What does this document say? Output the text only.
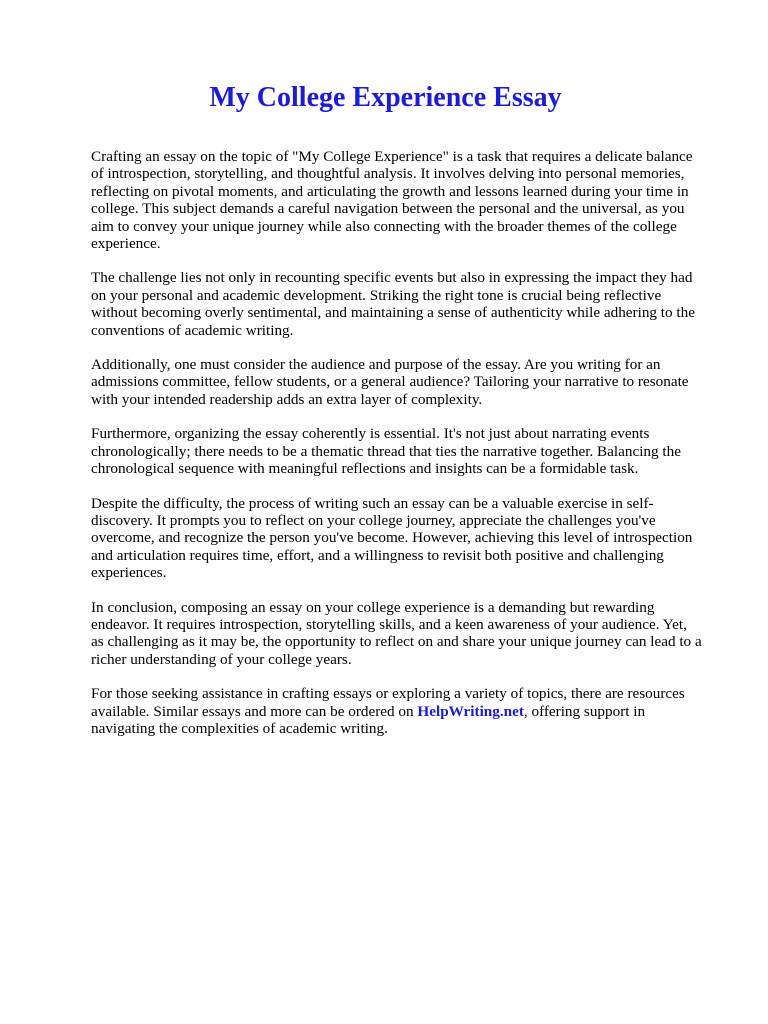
My College Experience Essay

Crafting an essay on the topic of "My College Experience" is a task that requires a delicate balance of introspection, storytelling, and thoughtful analysis. It involves delving into personal memories, reflecting on pivotal moments, and articulating the growth and lessons learned during your time in college. This subject demands a careful navigation between the personal and the universal, as you aim to convey your unique journey while also connecting with the broader themes of the college experience.

The challenge lies not only in recounting specific events but also in expressing the impact they had on your personal and academic development. Striking the right tone is crucial being reflective without becoming overly sentimental, and maintaining a sense of authenticity while adhering to the conventions of academic writing.

Additionally, one must consider the audience and purpose of the essay. Are you writing for an admissions committee, fellow students, or a general audience? Tailoring your narrative to resonate with your intended readership adds an extra layer of complexity.

Furthermore, organizing the essay coherently is essential. It's not just about narrating events chronologically; there needs to be a thematic thread that ties the narrative together. Balancing the chronological sequence with meaningful reflections and insights can be a formidable task.

Despite the difficulty, the process of writing such an essay can be a valuable exercise in self-discovery. It prompts you to reflect on your college journey, appreciate the challenges you've overcome, and recognize the person you've become. However, achieving this level of introspection and articulation requires time, effort, and a willingness to revisit both positive and challenging experiences.

In conclusion, composing an essay on your college experience is a demanding but rewarding endeavor. It requires introspection, storytelling skills, and a keen awareness of your audience. Yet, as challenging as it may be, the opportunity to reflect on and share your unique journey can lead to a richer understanding of your college years.

For those seeking assistance in crafting essays or exploring a variety of topics, there are resources available. Similar essays and more can be ordered on HelpWriting.net, offering support in navigating the complexities of academic writing.
